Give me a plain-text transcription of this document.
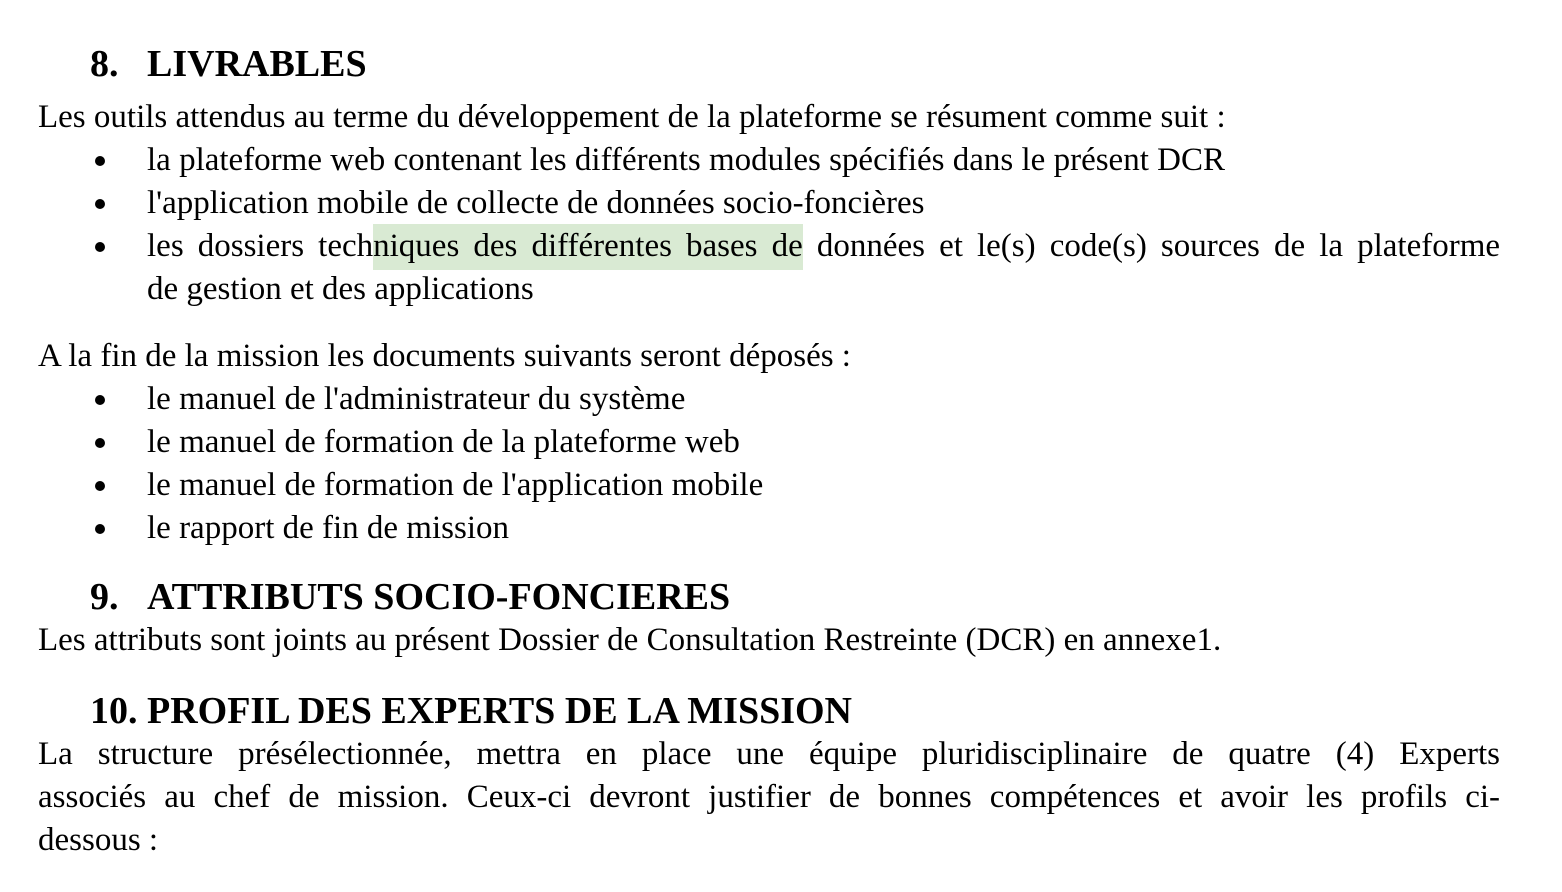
8. LIVRABLES
Les outils attendus au terme du développement de la plateforme se résument comme suit :
la plateforme web contenant les différents modules spécifiés dans le présent DCR
l'application mobile de collecte de données socio-foncières
les dossiers techniques des différentes bases de données et le(s) code(s) sources de la plateforme
de gestion et des applications
A la fin de la mission les documents suivants seront déposés :
le manuel de l'administrateur du système
le manuel de formation de la plateforme web
le manuel de formation de l'application mobile
le rapport de fin de mission
9. ATTRIBUTS SOCIO-FONCIERES
Les attributs sont joints au présent Dossier de Consultation Restreinte (DCR) en annexe1.
10. PROFIL DES EXPERTS DE LA MISSION
La structure présélectionnée, mettra en place une équipe pluridisciplinaire de quatre (4) Experts
associés au chef de mission. Ceux-ci devront justifier de bonnes compétences et avoir les profils ci-
dessous :
